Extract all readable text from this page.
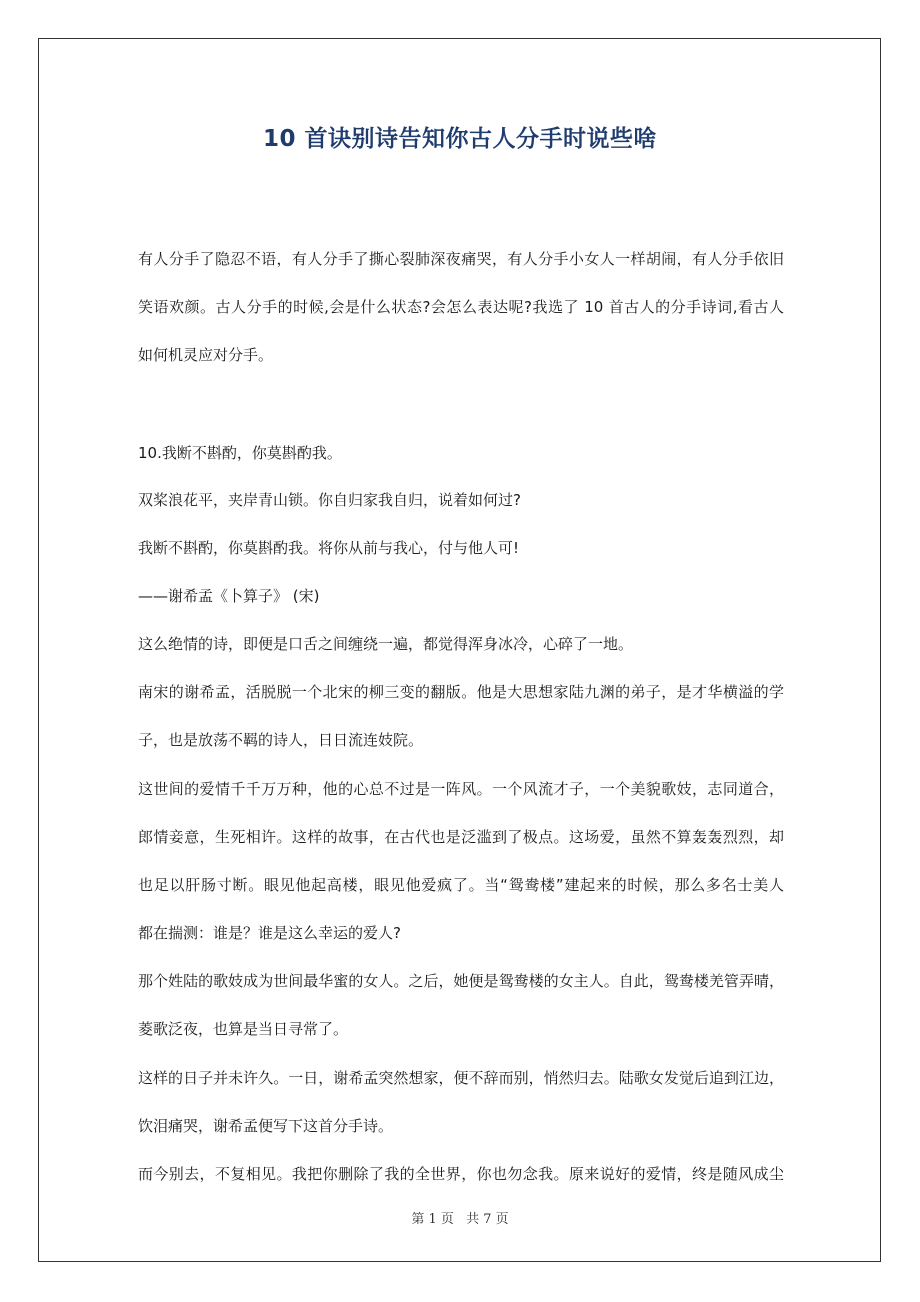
10 首诀别诗告知你古人分手时说些啥
有人分手了隐忍不语，有人分手了撕心裂肺深夜痛哭，有人分手小女人一样胡闹，有人分手依旧
笑语欢颜。古人分手的时候,会是什么状态?会怎么表达呢?我选了 10 首古人的分手诗词,看古人
如何机灵应对分手。
10.我断不斟酌，你莫斟酌我。
双桨浪花平，夹岸青山锁。你自归家我自归，说着如何过?
我断不斟酌，你莫斟酌我。将你从前与我心，付与他人可!
——谢希孟《卜算子》 (宋)
这么绝情的诗，即便是口舌之间缠绕一遍，都觉得浑身冰冷，心碎了一地。
南宋的谢希孟，活脱脱一个北宋的柳三变的翻版。他是大思想家陆九渊的弟子，是才华横溢的学
子，也是放荡不羁的诗人，日日流连妓院。
这世间的爱情千千万万种，他的心总不过是一阵风。一个风流才子，一个美貌歌妓，志同道合，
郎情妾意，生死相许。这样的故事，在古代也是泛滥到了极点。这场爱，虽然不算轰轰烈烈，却
也足以肝肠寸断。眼见他起高楼，眼见他爱疯了。当“鸳鸯楼”建起来的时候，那么多名士美人
都在揣测：谁是？谁是这么幸运的爱人?
那个姓陆的歌妓成为世间最华蜜的女人。之后，她便是鸳鸯楼的女主人。自此，鸳鸯楼羌管弄晴，
菱歌泛夜，也算是当日寻常了。
这样的日子并未许久。一日，谢希孟突然想家，便不辞而别，悄然归去。陆歌女发觉后追到江边，
饮泪痛哭，谢希孟便写下这首分手诗。
而今别去，不复相见。我把你删除了我的全世界，你也勿念我。原来说好的爱情，终是随风成尘
第 1 页 共 7 页
